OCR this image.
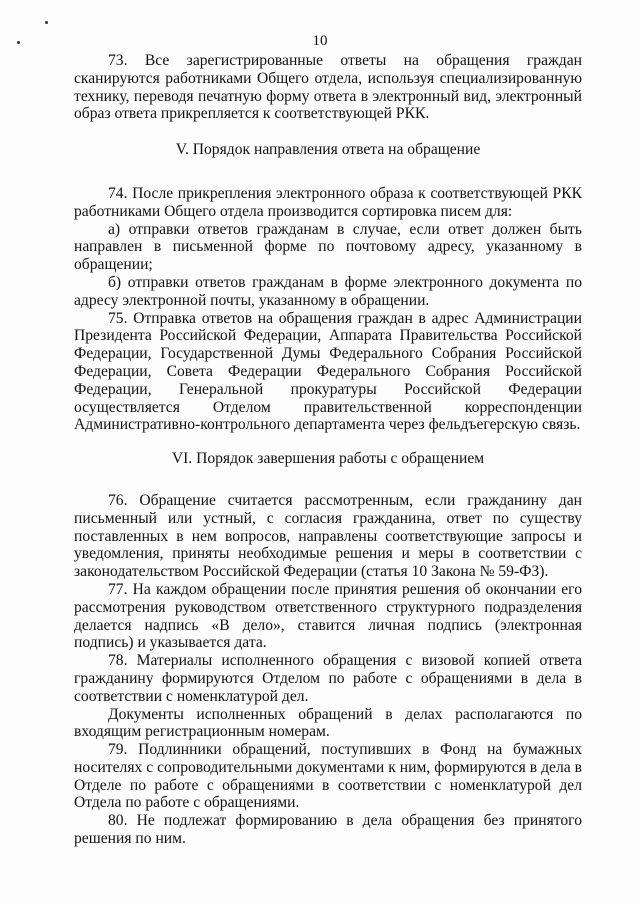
10

73. Все зарегистрированные ответы на обращения граждан сканируются работниками Общего отдела, используя специализированную технику, переводя печатную форму ответа в электронный вид, электронный образ ответа прикрепляется к соответствующей РКК.

V. Порядок направления ответа на обращение

74. После прикрепления электронного образа к соответствующей РКК работниками Общего отдела производится сортировка писем для:

а) отправки ответов гражданам в случае, если ответ должен быть направлен в письменной форме по почтовому адресу, указанному в обращении;

б) отправки ответов гражданам в форме электронного документа по адресу электронной почты, указанному в обращении.

75. Отправка ответов на обращения граждан в адрес Администрации Президента Российской Федерации, Аппарата Правительства Российской Федерации, Государственной Думы Федерального Собрания Российской Федерации, Совета Федерации Федерального Собрания Российской Федерации, Генеральной прокуратуры Российской Федерации осуществляется Отделом правительственной корреспонденции Административно-контрольного департамента через фельдъегерскую связь.

VI. Порядок завершения работы с обращением

76. Обращение считается рассмотренным, если гражданину дан письменный или устный, с согласия гражданина, ответ по существу поставленных в нем вопросов, направлены соответствующие запросы и уведомления, приняты необходимые решения и меры в соответствии с законодательством Российской Федерации (статья 10 Закона № 59-ФЗ).

77. На каждом обращении после принятия решения об окончании его рассмотрения руководством ответственного структурного подразделения делается надпись «В дело», ставится личная подпись (электронная подпись) и указывается дата.

78. Материалы исполненного обращения с визовой копией ответа гражданину формируются Отделом по работе с обращениями в дела в соответствии с номенклатурой дел.

Документы исполненных обращений в делах располагаются по входящим регистрационным номерам.

79. Подлинники обращений, поступивших в Фонд на бумажных носителях с сопроводительными документами к ним, формируются в дела в Отделе по работе с обращениями в соответствии с номенклатурой дел Отдела по работе с обращениями.

80. Не подлежат формированию в дела обращения без принятого решения по ним.
